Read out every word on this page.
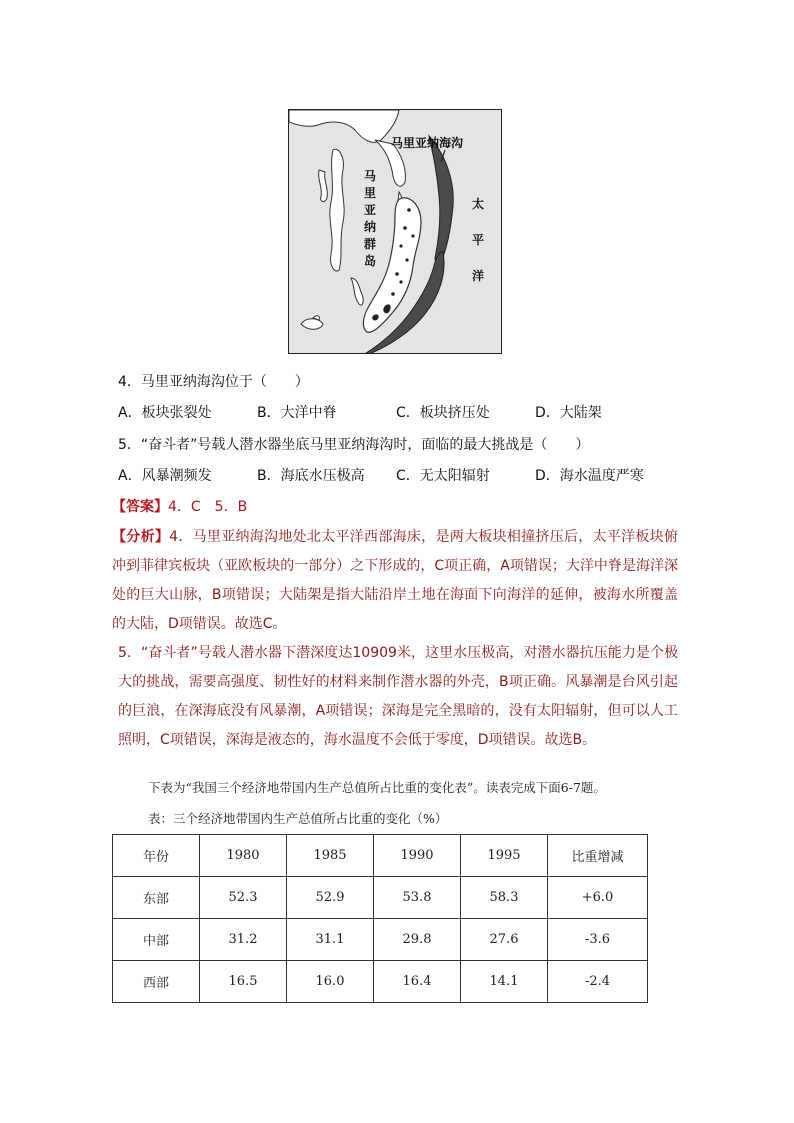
马里亚纳海沟
马里亚纳群岛
太平洋
4．马里亚纳海沟位于（　　）
A．板块张裂处	B．大洋中脊	C．板块挤压处	D．大陆架
5．“奋斗者”号载人潜水器坐底马里亚纳海沟时，面临的最大挑战是（　　）
A．风暴潮频发	B．海底水压极高 C．无太阳辐射	D．海水温度严寒
【答案】4．C　5．B

【分析】4．马里亚纳海沟地处北太平洋西部海床，是两大板块相撞挤压后，太平洋板块俯冲到菲律宾板块（亚欧板块的一部分）之下形成的，C项正确，A项错误；大洋中脊是海洋深处的巨大山脉，B项错误；大陆架是指大陆沿岸土地在海面下向海洋的延伸，被海水所覆盖的大陆，D项错误。故选C。

5．“奋斗者”号载人潜水器下潜深度达10909米，这里水压极高，对潜水器抗压能力是个极大的挑战，需要高强度、韧性好的材料来制作潜水器的外壳，B项正确。风暴潮是台风引起的巨浪，在深海底没有风暴潮，A项错误；深海是完全黑暗的，没有太阳辐射，但可以人工照明，C项错误，深海是液态的，海水温度不会低于零度，D项错误。故选B。

下表为“我国三个经济地带国内生产总值所占比重的变化表”。读表完成下面6-7题。
表：三个经济地带国内生产总值所占比重的变化（%）
年份	1980	1985	1990	1995	比重增减
东部	52.3	52.9	53.8	58.3	+6.0
中部	31.2	31.1	29.8	27.6	-3.6
西部	16.5	16.0	16.4	14.1	-2.4
